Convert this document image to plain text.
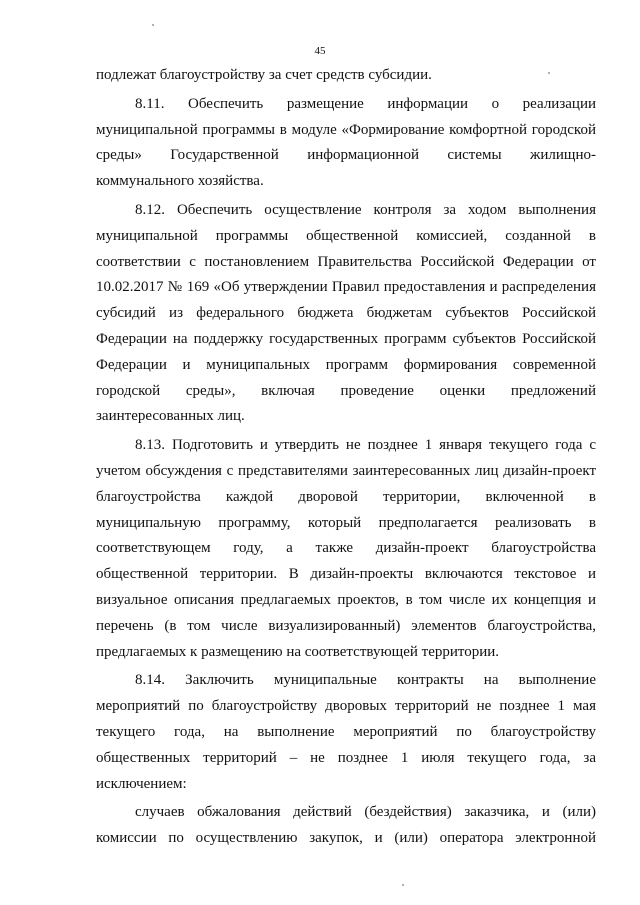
45
подлежат благоустройству за счет средств субсидии.
8.11. Обеспечить размещение информации о реализации
муниципальной программы в модуле «Формирование комфортной городской
среды» Государственной информационной системы жилищно-
коммунального хозяйства.
8.12. Обеспечить осуществление контроля за ходом выполнения
муниципальной программы общественной комиссией, созданной в
соответствии с постановлением Правительства Российской Федерации от
10.02.2017 № 169 «Об утверждении Правил предоставления и распределения
субсидий из федерального бюджета бюджетам субъектов Российской
Федерации на поддержку государственных программ субъектов Российской
Федерации и муниципальных программ формирования современной
городской среды», включая проведение оценки предложений
заинтересованных лиц.
8.13. Подготовить и утвердить не позднее 1 января текущего года с
учетом обсуждения с представителями заинтересованных лиц дизайн-проект
благоустройства каждой дворовой территории, включенной в
муниципальную программу, который предполагается реализовать в
соответствующем году, а также дизайн-проект благоустройства
общественной территории. В дизайн-проекты включаются текстовое и
визуальное описания предлагаемых проектов, в том числе их концепция и
перечень (в том числе визуализированный) элементов благоустройства,
предлагаемых к размещению на соответствующей территории.
8.14. Заключить муниципальные контракты на выполнение
мероприятий по благоустройству дворовых территорий не позднее 1 мая
текущего года, на выполнение мероприятий по благоустройству
общественных территорий – не позднее 1 июля текущего года, за
исключением:
случаев обжалования действий (бездействия) заказчика, и (или)
комиссии по осуществлению закупок, и (или) оператора электронной
